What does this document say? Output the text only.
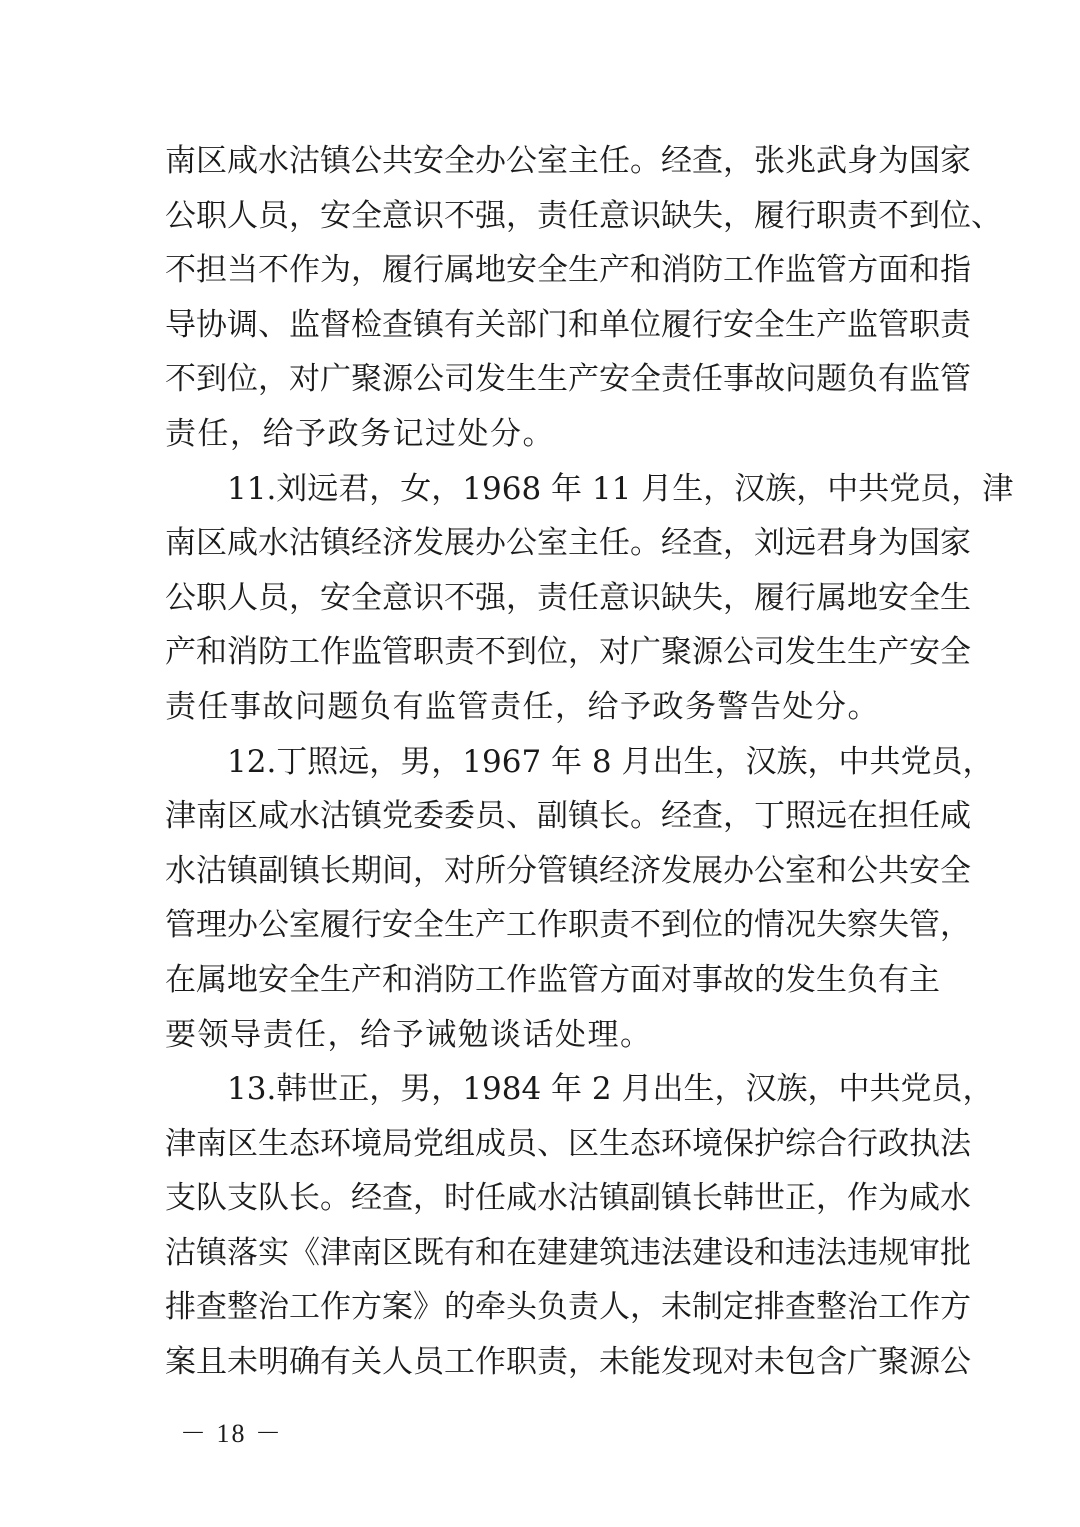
南区咸水沽镇公共安全办公室主任。经查，张兆武身为国家
公职人员，安全意识不强，责任意识缺失，履行职责不到位、
不担当不作为，履行属地安全生产和消防工作监管方面和指
导协调、监督检查镇有关部门和单位履行安全生产监管职责
不到位，对广聚源公司发生生产安全责任事故问题负有监管
责任，给予政务记过处分。
11.刘远君，女，1968 年 11 月生，汉族，中共党员，津
南区咸水沽镇经济发展办公室主任。经查，刘远君身为国家
公职人员，安全意识不强，责任意识缺失，履行属地安全生
产和消防工作监管职责不到位，对广聚源公司发生生产安全
责任事故问题负有监管责任，给予政务警告处分。
12.丁照远，男，1967 年 8 月出生，汉族，中共党员，
津南区咸水沽镇党委委员、副镇长。经查，丁照远在担任咸
水沽镇副镇长期间，对所分管镇经济发展办公室和公共安全
管理办公室履行安全生产工作职责不到位的情况失察失管，
在属地安全生产和消防工作监管方面对事故的发生负有主
要领导责任，给予诫勉谈话处理。
13.韩世正，男，1984 年 2 月出生，汉族，中共党员，
津南区生态环境局党组成员、区生态环境保护综合行政执法
支队支队长。经查，时任咸水沽镇副镇长韩世正，作为咸水
沽镇落实《津南区既有和在建建筑违法建设和违法违规审批
排查整治工作方案》的牵头负责人，未制定排查整治工作方
案且未明确有关人员工作职责，未能发现对未包含广聚源公
－ 18 －
